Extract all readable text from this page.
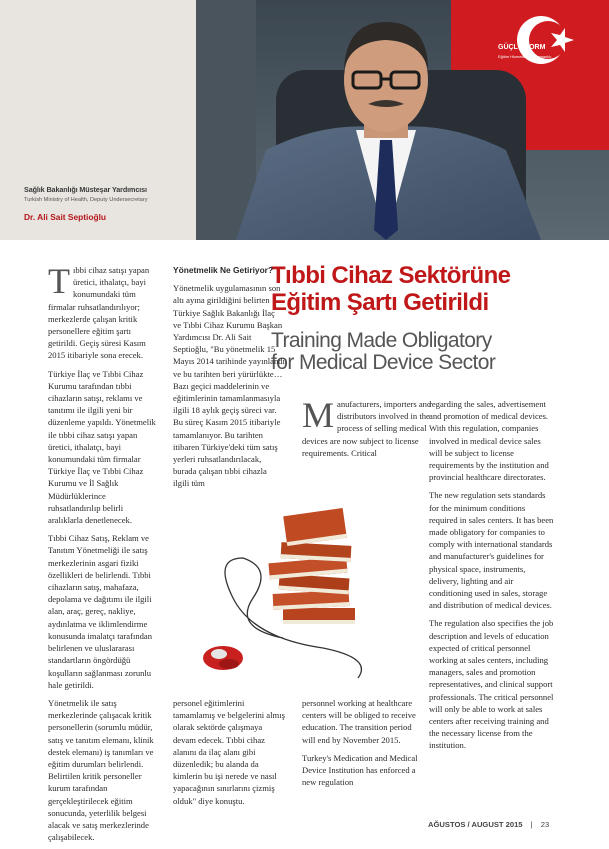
Sağlık Bakanlığı Müsteşar Yardımcısı
Turkish Ministry of Health, Deputy Undersecretary
Dr. Ali Sait Septioğlu
GÜÇLÜ FORM
Eğitim Hizmetleri Danışmanlık
Tıbbi Cihaz Sektörüne
Eğitim Şartı Getirildi
Training Made Obligatory
for Medical Device Sector

Tıbbi cihaz satışı yapan üretici, ithalatçı, bayi konumundaki tüm firmalar ruhsatlandırılıyor; merkezlerde çalışan kritik personellere eğitim şartı getirildi. Geçiş süresi Kasım 2015 itibariyle sona erecek.

Türkiye İlaç ve Tıbbi Cihaz Kurumu tarafından tıbbi cihazların satışı, reklamı ve tanıtımı ile ilgili yeni bir düzenleme yapıldı. Yönetmelik ile tıbbi cihaz satışı yapan üretici, ithalatçı, bayi konumundaki tüm firmalar Türkiye İlaç ve Tıbbi Cihaz Kurumu ve İl Sağlık Müdürlüklerince ruhsatlandırılıp belirli aralıklarla denetlenecek.

Tıbbi Cihaz Satış, Reklam ve Tanıtım Yönetmeliği ile satış merkezlerinin asgari fiziki özellikleri de belirlendi. Tıbbi cihazların satış, mahafaza, depolama ve dağıtımı ile ilgili alan, araç, gereç, nakliye, aydınlatma ve iklimlendirme konusunda imalatçı tarafından belirlenen ve uluslararası standartların öngördüğü koşulların sağlanması zorunlu hale getirildi.

Yönetmelik ile satış merkezlerinde çalışacak kritik personellerin (sorumlu müdür, satış ve tanıtım elemanı, klinik destek elemanı) iş tanımları ve eğitim durumları belirlendi. Belirtilen kritik personeller kurum tarafından gerçekleştirilecek eğitim sonucunda, yeterlilik belgesi alacak ve satış merkezlerinde çalışabilecek.

Yönetmelik Ne Getiriyor?

Yönetmelik uygulamasının son altı ayına girildiğini belirten Türkiye Sağlık Bakanlığı İlaç ve Tıbbi Cihaz Kurumu Başkan Yardımcısı Dr. Ali Sait Septioğlu, "Bu yönetmelik 15 Mayıs 2014 tarihinde yayınlandı ve bu tarihten beri yürürlükte… Bazı geçici maddelerinin ve eğitimlerinin tamamlanmasıyla ilgili 18 aylık geçiş süreci var. Bu süreç Kasım 2015 itibariyle tamamlanıyor. Bu tarihten itibaren Türkiye'deki tüm satış yerleri ruhsatlandırılacak, burada çalışan tıbbi cihazla ilgili tüm

personel eğitimlerini tamamlamış ve belgelerini almış olarak sektörde çalışmaya devam edecek. Tıbbi cihaz alanını da ilaç alanı gibi düzenledik; bu alanda da kimlerin bu işi nerede ve nasıl yapacağının sınırlarını çizmiş olduk" diye konuştu.

Manufacturers, importers and distributors involved in the process of selling medical devices are now subject to license requirements. Critical

personnel working at healthcare centers will be obliged to receive education. The transition period will end by November 2015.

Turkey's Medication and Medical Device Institution has enforced a new regulation

regarding the sales, advertisement and promotion of medical devices. With this regulation, companies involved in medical device sales will be subject to license requirements by the institution and provincial healthcare directorates.

The new regulation sets standards for the minimum conditions required in sales centers. It has been made obligatory for companies to comply with international standards and manufacturer's guidelines for physical space, instruments, delivery, lighting and air conditioning used in sales, storage and distribution of medical devices.

The regulation also specifies the job description and levels of education expected of critical personnel working at sales centers, including managers, sales and promotion representatives, and clinical support professionals. The critical personnel will only be able to work at sales centers after receiving training and the necessary license from the institution.

AĞUSTOS / AUGUST 2015 | 23
